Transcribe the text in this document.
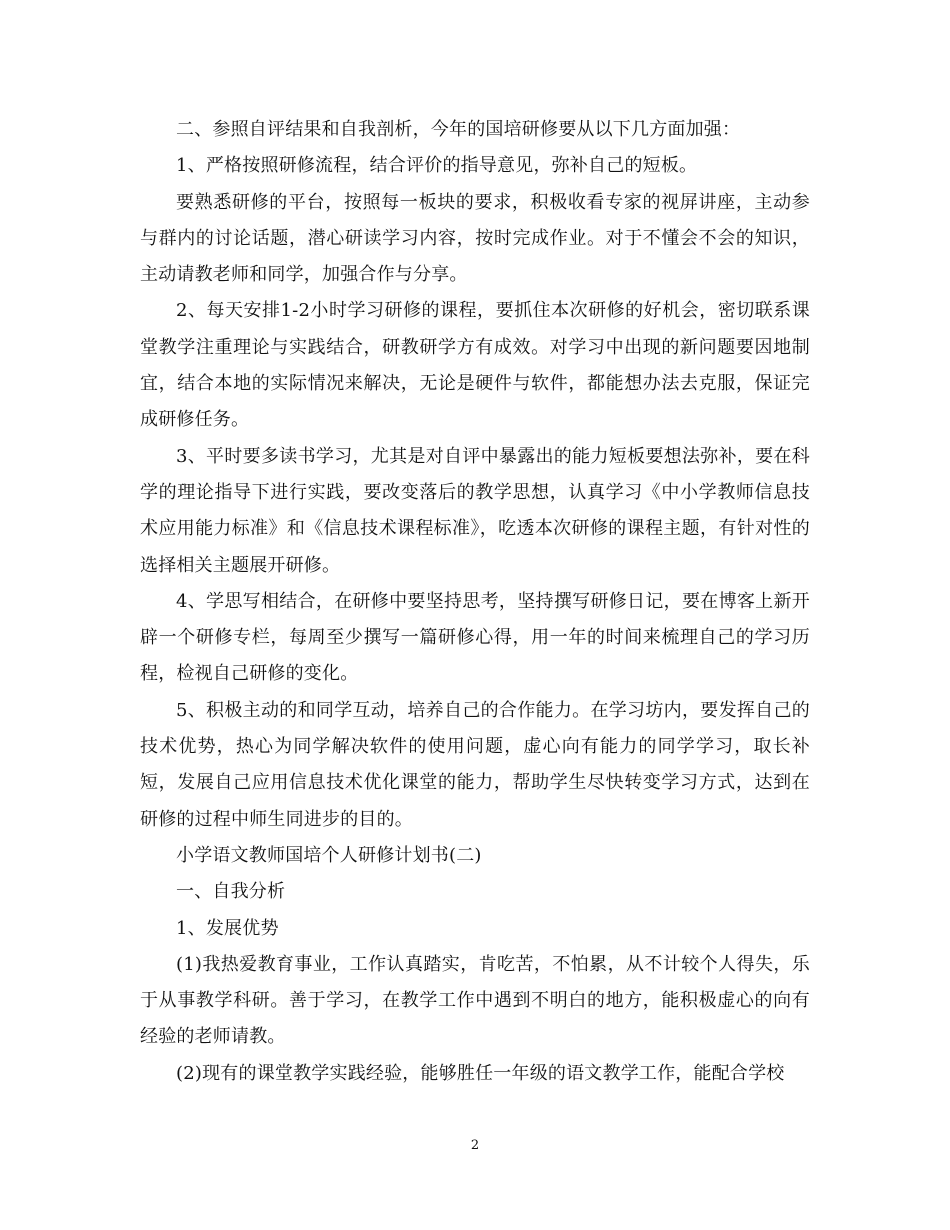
二、参照自评结果和自我剖析，今年的国培研修要从以下几方面加强：

1、严格按照研修流程，结合评价的指导意见，弥补自己的短板。

要熟悉研修的平台，按照每一板块的要求，积极收看专家的视屏讲座，主动参与群内的讨论话题，潜心研读学习内容，按时完成作业。对于不懂会不会的知识，主动请教老师和同学，加强合作与分享。

2、每天安排1-2小时学习研修的课程，要抓住本次研修的好机会，密切联系课堂教学注重理论与实践结合，研教研学方有成效。对学习中出现的新问题要因地制宜，结合本地的实际情况来解决，无论是硬件与软件，都能想办法去克服，保证完成研修任务。

3、平时要多读书学习，尤其是对自评中暴露出的能力短板要想法弥补，要在科学的理论指导下进行实践，要改变落后的教学思想，认真学习《中小学教师信息技术应用能力标准》和《信息技术课程标准》，吃透本次研修的课程主题，有针对性的选择相关主题展开研修。

4、学思写相结合，在研修中要坚持思考，坚持撰写研修日记，要在博客上新开辟一个研修专栏，每周至少撰写一篇研修心得，用一年的时间来梳理自己的学习历程，检视自己研修的变化。

5、积极主动的和同学互动，培养自己的合作能力。在学习坊内，要发挥自己的技术优势，热心为同学解决软件的使用问题，虚心向有能力的同学学习，取长补短，发展自己应用信息技术优化课堂的能力，帮助学生尽快转变学习方式，达到在研修的过程中师生同进步的目的。

小学语文教师国培个人研修计划书(二)

一、自我分析

1、发展优势

(1)我热爱教育事业，工作认真踏实，肯吃苦，不怕累，从不计较个人得失，乐于从事教学科研。善于学习，在教学工作中遇到不明白的地方，能积极虚心的向有经验的老师请教。

(2)现有的课堂教学实践经验，能够胜任一年级的语文教学工作，能配合学校

2
